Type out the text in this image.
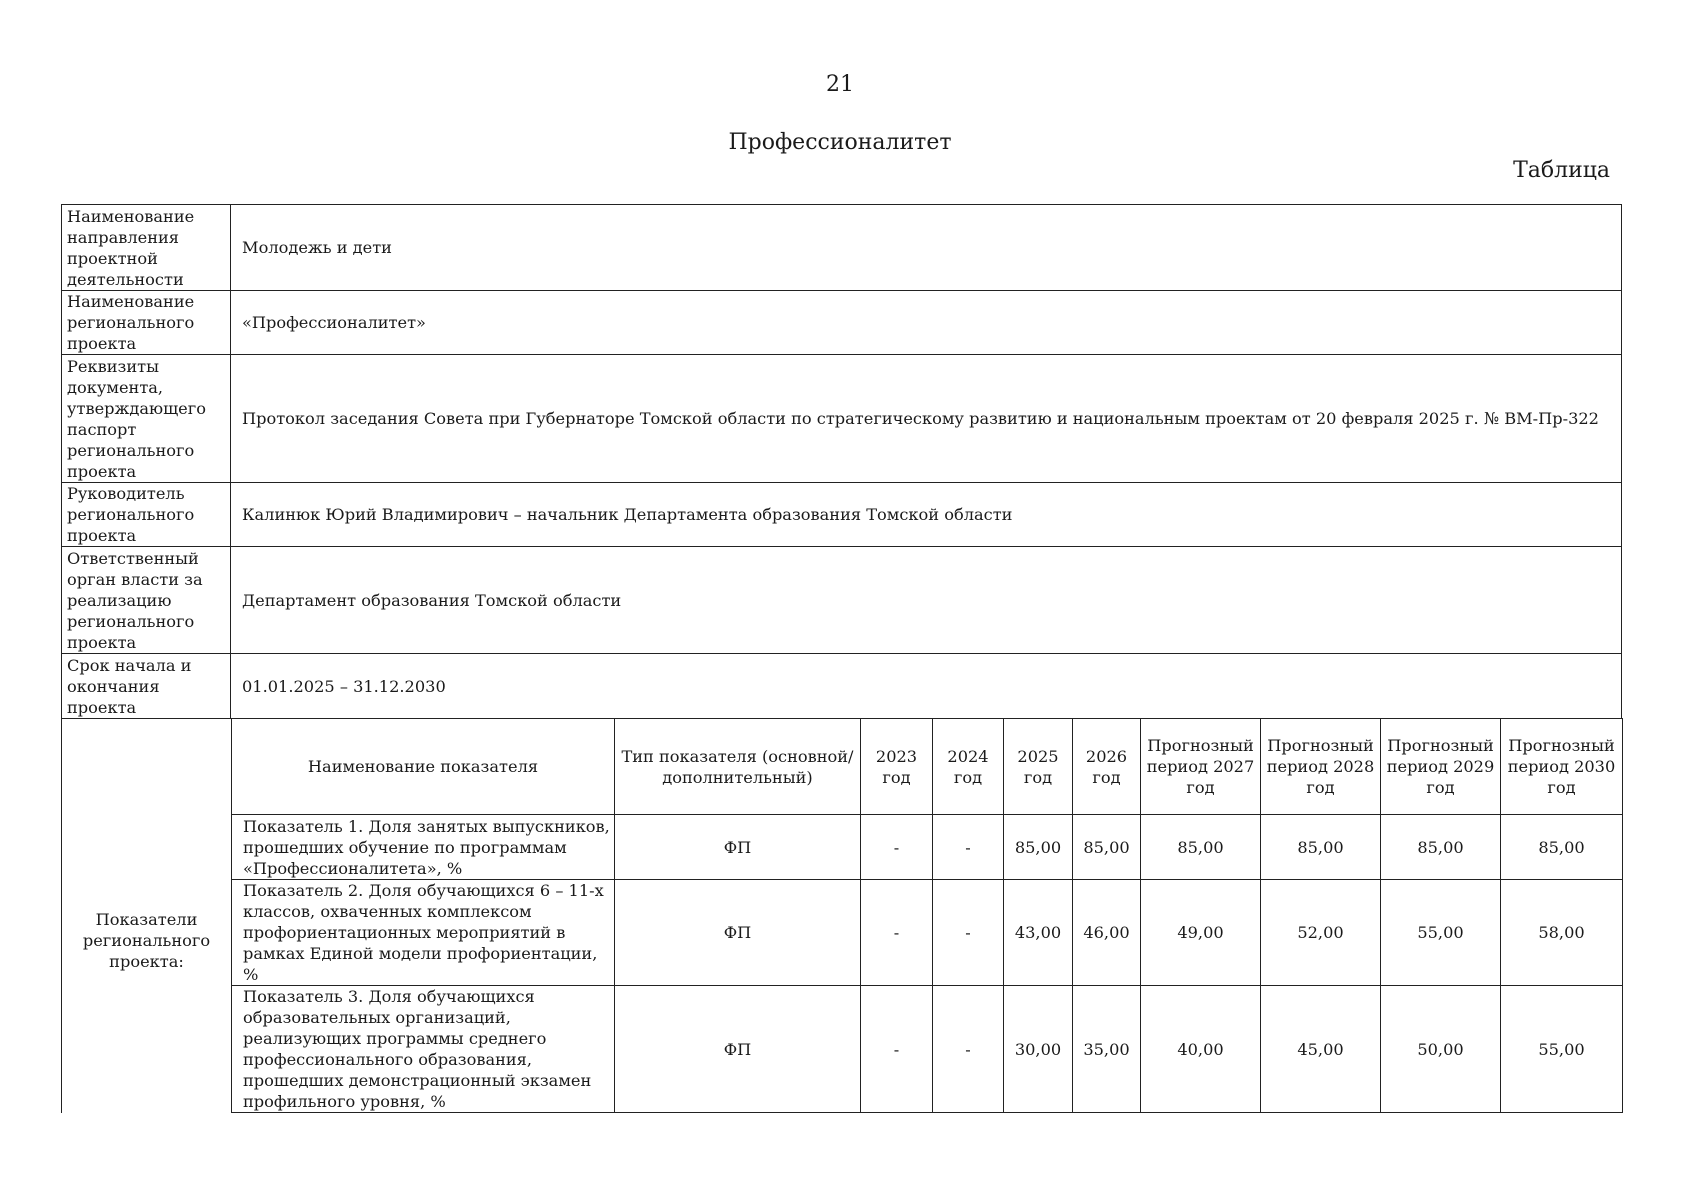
21
Профессионалитет
Таблица
Наименование направления проектной деятельности	Молодежь и дети
Наименование регионального проекта	«Профессионалитет»
Реквизиты документа, утверждающего паспорт регионального проекта	Протокол заседания Совета при Губернаторе Томской области по стратегическому развитию и национальным проектам от 20 февраля 2025 г. № ВМ-Пр-322
Руководитель регионального проекта	Калинюк Юрий Владимирович – начальник Департамента образования Томской области
Ответственный орган власти за реализацию регионального проекта	Департамент образования Томской области
Срок начала и окончания проекта	01.01.2025 – 31.12.2030
Показатели регионального проекта:	Наименование показателя	Тип показателя (основной/дополнительный)	2023 год	2024 год	2025 год	2026 год	Прогнозный период 2027 год	Прогнозный период 2028 год	Прогнозный период 2029 год	Прогнозный период 2030 год
	Показатель 1. Доля занятых выпускников, прошедших обучение по программам «Профессионалитета», %	ФП	-	-	85,00	85,00	85,00	85,00	85,00	85,00
	Показатель 2. Доля обучающихся 6 – 11-х классов, охваченных комплексом профориентационных мероприятий в рамках Единой модели профориентации, %	ФП	-	-	43,00	46,00	49,00	52,00	55,00	58,00
	Показатель 3. Доля обучающихся образовательных организаций, реализующих программы среднего профессионального образования, прошедших демонстрационный экзамен профильного уровня, %	ФП	-	-	30,00	35,00	40,00	45,00	50,00	55,00
